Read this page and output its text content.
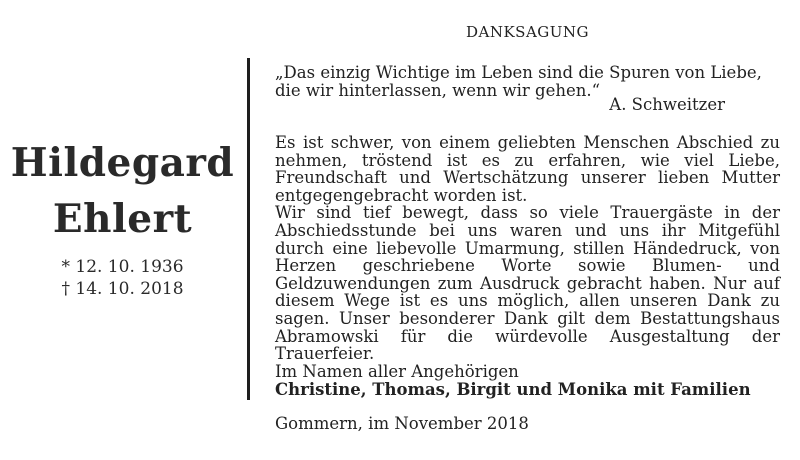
Hildegard
Ehlert
* 12. 10. 1936
† 14. 10. 2018
DANKSAGUNG
„Das einzig Wichtige im Leben sind die Spuren von Liebe,
die wir hinterlassen, wenn wir gehen.“
A. Schweitzer

Es ist schwer, von einem geliebten Menschen Abschied zu nehmen, tröstend ist es zu erfahren, wie viel Liebe, Freundschaft und Wertschätzung unserer lieben Mutter entgegengebracht worden ist.

Wir sind tief bewegt, dass so viele Trauergäste in der Abschiedsstunde bei uns waren und uns ihr Mitgefühl durch eine liebevolle Umarmung, stillen Händedruck, von Herzen geschriebene Worte sowie Blumen- und Geldzuwendungen zum Ausdruck gebracht haben. Nur auf diesem Wege ist es uns möglich, allen unseren Dank zu sagen. Unser besonderer Dank gilt dem Bestattungshaus Abramowski für die würdevolle Ausgestaltung der Trauerfeier.

Im Namen aller Angehörigen
Christine, Thomas, Birgit und Monika mit Familien
Gommern, im November 2018
